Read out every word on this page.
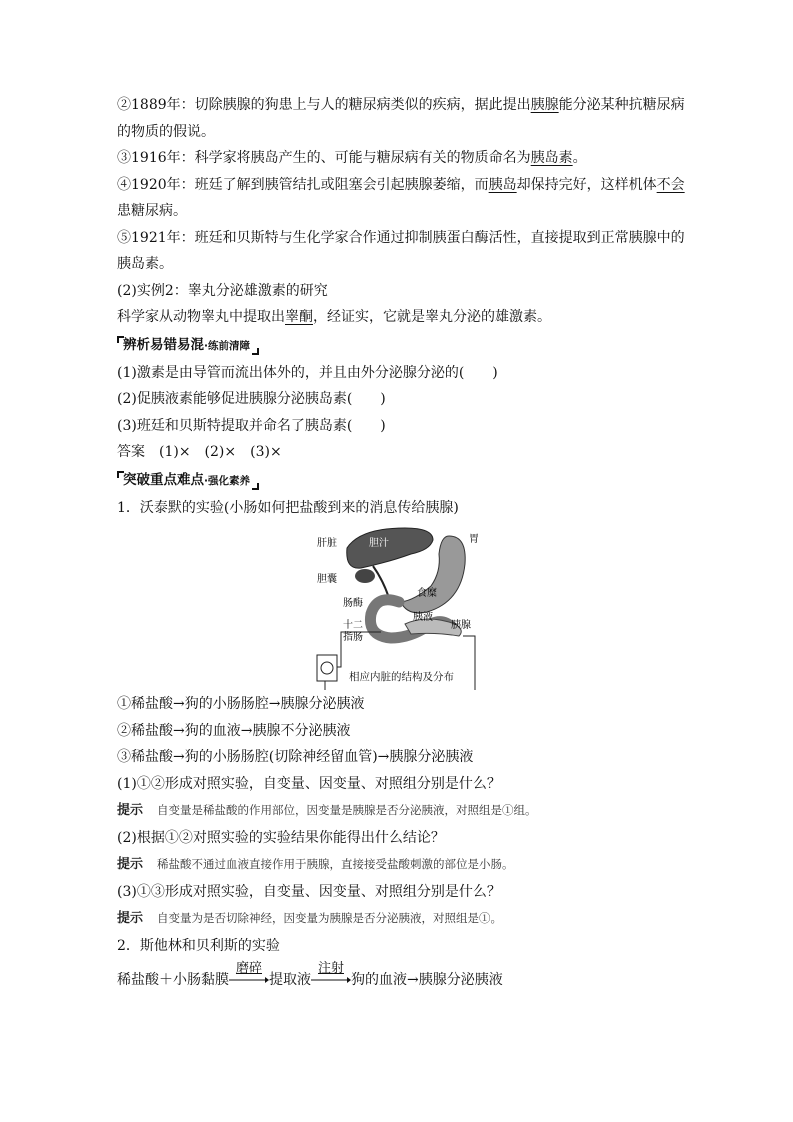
②1889年：切除胰腺的狗患上与人的糖尿病类似的疾病，据此提出胰腺能分泌某种抗糖尿病
的物质的假说。
③1916年：科学家将胰岛产生的、可能与糖尿病有关的物质命名为胰岛素。
④1920年：班廷了解到胰管结扎或阻塞会引起胰腺萎缩，而胰岛却保持完好，这样机体不会
患糖尿病。
⑤1921年：班廷和贝斯特与生化学家合作通过抑制胰蛋白酶活性，直接提取到正常胰腺中的
胰岛素。
(2)实例2：睾丸分泌雄激素的研究
科学家从动物睾丸中提取出睾酮，经证实，它就是睾丸分泌的雄激素。
辨析易错易混·练前清障
(1)激素是由导管而流出体外的，并且由外分泌腺分泌的(　　)
(2)促胰液素能够促进胰腺分泌胰岛素(　　)
(3)班廷和贝斯特提取并命名了胰岛素(　　)
答案　(1)×　(2)×　(3)×
突破重点难点·强化素养
1．沃泰默的实验(小肠如何把盐酸到来的消息传给胰腺)
肝脏	胆汁	胃
胆囊
肠酶
食糜
十二
指肠
胰液
胰腺
相应内脏的结构及分布
①稀盐酸→狗的小肠肠腔→胰腺分泌胰液
②稀盐酸→狗的血液→胰腺不分泌胰液
③稀盐酸→狗的小肠肠腔(切除神经留血管)→胰腺分泌胰液
(1)①②形成对照实验，自变量、因变量、对照组分别是什么？
提示 自变量是稀盐酸的作用部位，因变量是胰腺是否分泌胰液，对照组是①组。
(2)根据①②对照实验的实验结果你能得出什么结论？
提示 稀盐酸不通过血液直接作用于胰腺，直接接受盐酸刺激的部位是小肠。
(3)①③形成对照实验，自变量、因变量、对照组分别是什么？
提示 自变量为是否切除神经，因变量为胰腺是否分泌胰液，对照组是①。
2．斯他林和贝利斯的实验
稀盐酸＋小肠黏膜
磨碎
提取液
注射
狗的血液→胰腺分泌胰液
